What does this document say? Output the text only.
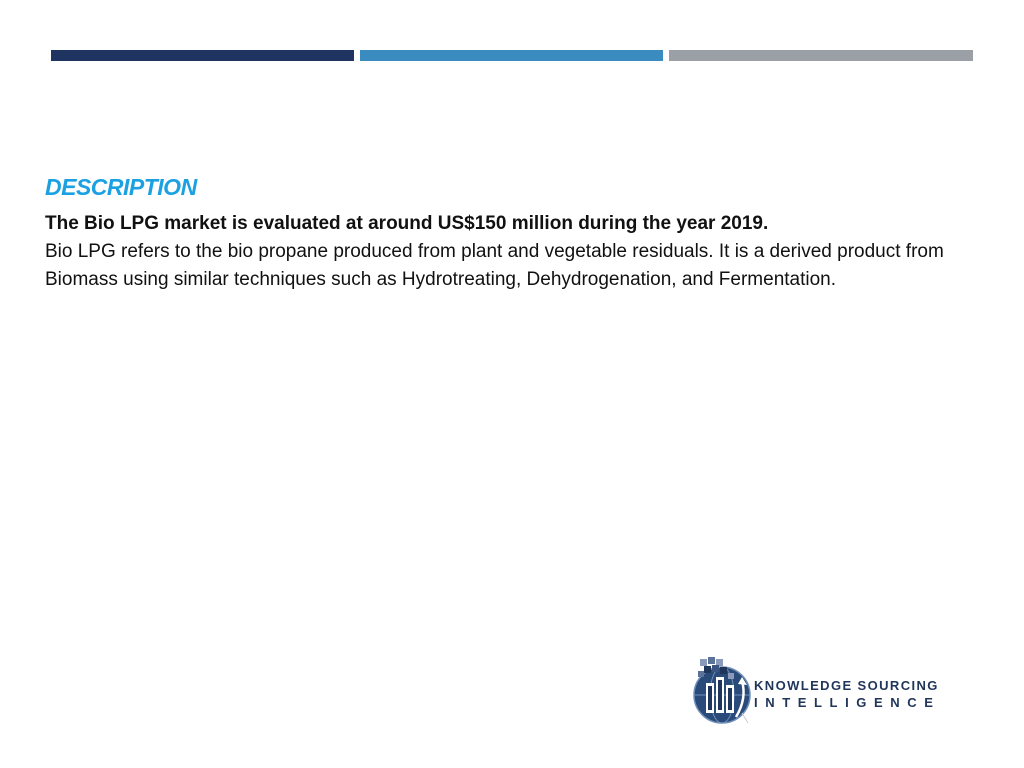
DESCRIPTION

The Bio LPG market is evaluated at around US$150 million during the year 2019.

Bio LPG refers to the bio propane produced from plant and vegetable residuals. It is a derived product from Biomass using similar techniques such as Hydrotreating, Dehydrogenation, and Fermentation.

KNOWLEDGE SOURCING
INTELLIGENCE
